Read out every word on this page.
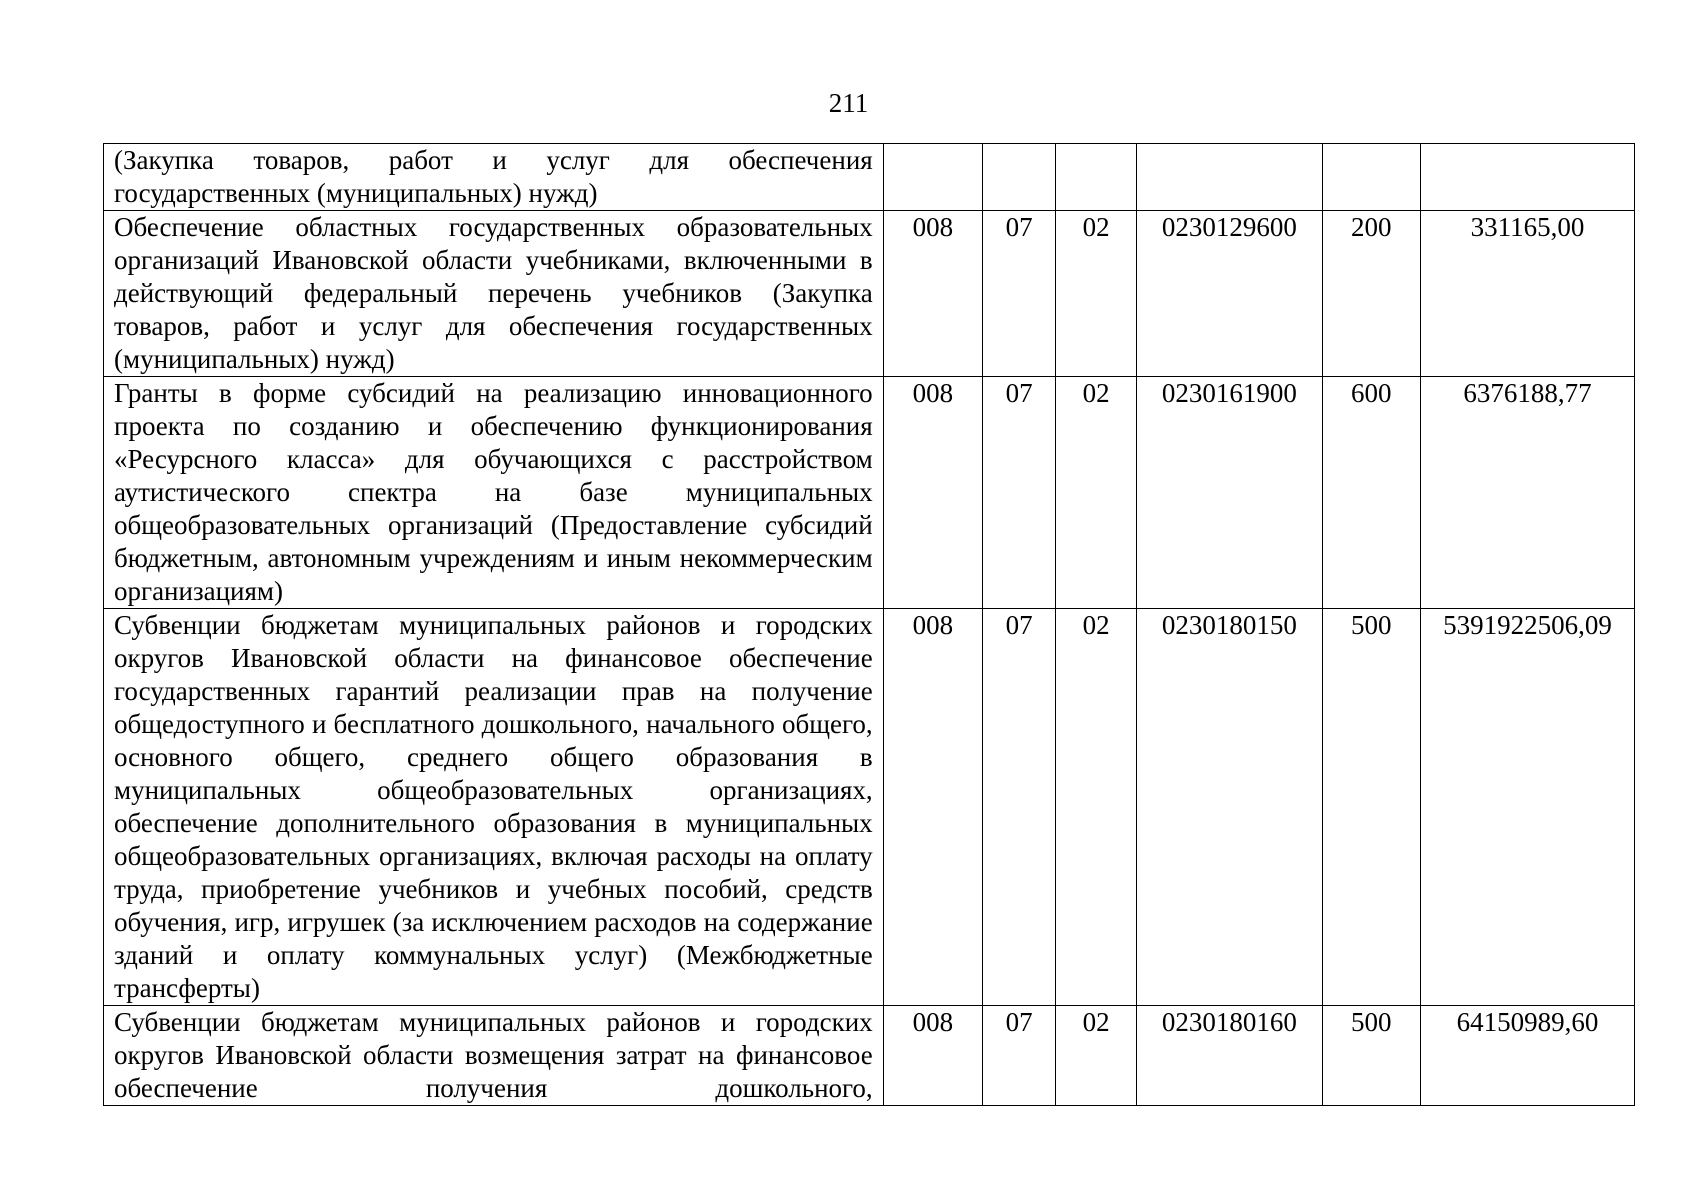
211
(Закупка товаров, работ и услуг для обеспечения государственных (муниципальных) нужд)						
Обеспечение областных государственных образовательных организаций Ивановской области учебниками, включенными в действующий федеральный перечень учебников (Закупка товаров, работ и услуг для обеспечения государственных (муниципальных) нужд)	008	07	02	0230129600	200	331165,00
Гранты в форме субсидий на реализацию инновационного проекта по созданию и обеспечению функционирования «Ресурсного класса» для обучающихся с расстройством аутистического спектра на базе муниципальных общеобразовательных организаций (Предоставление субсидий бюджетным, автономным учреждениям и иным некоммерческим организациям)	008	07	02	0230161900	600	6376188,77
Субвенции бюджетам муниципальных районов и городских округов Ивановской области на финансовое обеспечение государственных гарантий реализации прав на получение общедоступного и бесплатного дошкольного, начального общего, основного общего, среднего общего образования в муниципальных общеобразовательных организациях, обеспечение дополнительного образования в муниципальных общеобразовательных организациях, включая расходы на оплату труда, приобретение учебников и учебных пособий, средств обучения, игр, игрушек (за исключением расходов на содержание зданий и оплату коммунальных услуг) (Межбюджетные трансферты)	008	07	02	0230180150	500	5391922506,09
Субвенции бюджетам муниципальных районов и городских округов Ивановской области возмещения затрат на финансовое обеспечение получения дошкольного,	008	07	02	0230180160	500	64150989,60
